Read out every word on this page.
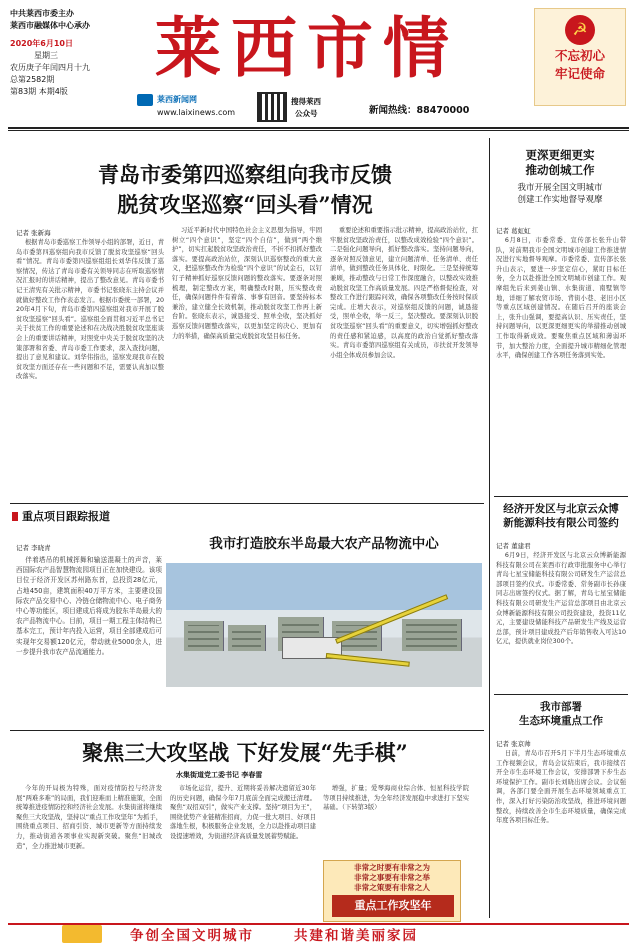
中共莱西市委主办
莱西市融媒体中心承办
2020年6月10日
星期三
农历庚子年闰四月十九
总第2582期
第83期 本期4版
莱西市情
莱西新闻网
www.laixinews.com
搜得莱西
公众号	新闻热线：88470000
☭
不忘初心
牢记使命
青岛市委第四巡察组向我市反馈
脱贫攻坚巡察“回头看”情况
记者 张新海

根据青岛市委巡察工作领导小组的部署，近日，青岛市委第四巡察组向我市反馈了脱贫攻坚巡察“回头看”情况。青岛市委第四巡察组组长刘华伟反馈了巡察情况，传达了青岛市委有关领导同志在听取巡察情况汇报时的讲话精神，提出了整改意见。青岛市委书记王清宪有关批示精神，市委书记张晓东主持会议并就做好整改工作作表态发言。根据市委统一部署，2020年4月下旬，青岛市委第四巡察组对我市开展了脱贫攻坚巡察“回头看”。巡察组全面贯彻习近平总书记关于扶贫工作的重要论述和在决战决胜脱贫攻坚座谈会上的重要讲话精神，对照党中央关于脱贫攻坚的决策部署和省委、青岛市委工作要求，深入查找问题，提出了意见和建议。刘华伟指出，巡察发现我市在脱贫攻坚方面还存在一些问题和不足，需要认真加以整改落实。

习近平新时代中国特色社会主义思想为指导，牢固树立“四个意识”，坚定“四个自信”，做到“两个维护”，切实扛起脱贫攻坚政治责任，不折不扣抓好整改落实。要提高政治站位，深刻认识巡察整改的重大意义，把巡察整改作为检验“四个意识”的试金石，以钉钉子精神抓好巡察反馈问题的整改落实。要逐条对照梳理，制定整改方案，明确整改时限，压实整改责任，确保问题件件有着落、事事有回音。要坚持标本兼治，建立健全长效机制，推动脱贫攻坚工作再上新台阶。张晓东表示，诚恳接受、照单全收，坚决抓好巡察反馈问题整改落实，以更加坚定的决心、更加有力的举措，确保高质量完成脱贫攻坚目标任务。

重要论述和重要指示批示精神，提高政治站位，扛牢脱贫攻坚政治责任，以整改成效检验“四个意识”。二是强化问题导向，抓好整改落实。坚持问题导向，逐条对照反馈意见，建立问题清单、任务清单、责任清单，做到整改任务具体化、时限化。三是坚持统筹兼顾，推动整改与日常工作深度融合，以整改实效推动脱贫攻坚工作高质量发展。四是严格督促检查，对整改工作进行跟踪问效，确保各项整改任务按时保质完成。庄增大表示，对巡察组反馈的问题，诚恳接受，照单全收，举一反三，坚决整改。要深刻认识脱贫攻坚巡察“回头看”的重要意义，切实增强抓好整改的责任感和紧迫感，以高度的政治自觉抓好整改落实。青岛市委第四巡察组有关成员，市扶贫开发领导小组全体成员参加会议。

重点项目跟踪报道
记者 李晓青

伴着塔吊的机械挥舞和输送混凝土的声音，莱西国际农产品智慧物流园项目正在加快建设。该项目位于经济开发区苏州路东首，总投资28亿元，占地450亩，建筑面积40万平方米，主要建设国际农产品交易中心、冷链仓储物流中心、电子商务中心等功能区，项目建成后将成为胶东半岛最大的农产品物流中心。目前，项目一期工程主体结构已基本完工，预计年内投入运营，项目全部建成后可实现年交易额120亿元，带动就业5000余人，进一步提升我市农产品流通能力。

我市打造胶东半岛最大农产品物流中心
聚焦三大攻坚战 下好发展“先手棋”
水集街道党工委书记 李春雷

今年的开局极为特殊，面对疫情防控与经济发展“两难多难”的局面，我们迎难而上精准施策，全面统筹推进疫情防控和经济社会发展。水集街道将继续聚焦三大攻坚战，坚持以“重点工作攻坚年”为抓手，围绕重点项目、招商引资、城市更新等方面持续发力，推动街道各项事业实现新突破。聚焦“旧城改造”，全力推进城市更新。

市场化运营，提升、近期将妥善解决遗留近30年的历史问题，确保今年7月底前全面完成搬迁清理。聚焦“双招双引”，做实产业支撑。坚持“项目为王”，围绕优势产业链精准招商，力促一批大项目、好项目落地生根，积极服务企业发展，全力以赴推动项目建设提速增效，为街道经济高质量发展蓄势赋能。

增强，扩量；爱琴海商业综合体、恒星科技学院等项目持续推进，为全年经济发展稳中求进打下坚实基础。（下转第3版）

非常之时要有非常之为
非常之事要有非常之举
非常之策要有非常之人
重点工作攻坚年
更深更细更实
推动创城工作
我市开展全国文明城市
创建工作实地督导观摩
记者 葛虹虹

6月8日，市委常委、宣传部长张升山带队，对前期我市全国文明城市创建工作推进情况进行实地督导观摩。市委常委、宣传部长张升山表示，要进一步坚定信心，紧盯目标任务，全力以赴推进全国文明城市创建工作。观摩组先后来到姜山镇、水集街道、南墅镇等地，详细了解农贸市场、背街小巷、老旧小区等重点区域创建情况。在随后召开的座谈会上，张升山强调，要提高认识、压实责任，坚持问题导向，以更深更细更实的举措推动创城工作取得新成效。要聚焦重点区域和薄弱环节，加大整治力度，全面提升城市精细化管理水平，确保创建工作各项任务落到实处。

经济开发区与北京云众博
新能源科技有限公司签约
记者 董建君

6月9日，经济开发区与北京云众博新能源科技有限公司在莱西市行政审批服务中心举行青岛七星宝储能科技有限公司研发生产运营总部项目签约仪式。市委常委、常务副市长孙康同志出席签约仪式。据了解，青岛七星宝储能科技有限公司研发生产运营总部项目由北京云众博新能源科技有限公司投资建设，投资11亿元，主要建设储能科技产品研发生产线及运营总部，预计项目建成投产后年销售收入可达10亿元，提供就业岗位300个。

我市部署
生态环境重点工作
记者 张京帅

日前，青岛市召开5月下半月生态环境重点工作视频会议，青岛会议结束后，我市接续召开全市生态环境工作会议，安排部署下步生态环境保护工作。副市长刘晓出席会议。会议强调，各部门要全面开展生态环境领域重点工作，深入打好污染防治攻坚战，推进环境问题整改，持续改善全市生态环境质量，确保完成年度各项目标任务。

争创全国文明城市	共建和谐美丽家园
